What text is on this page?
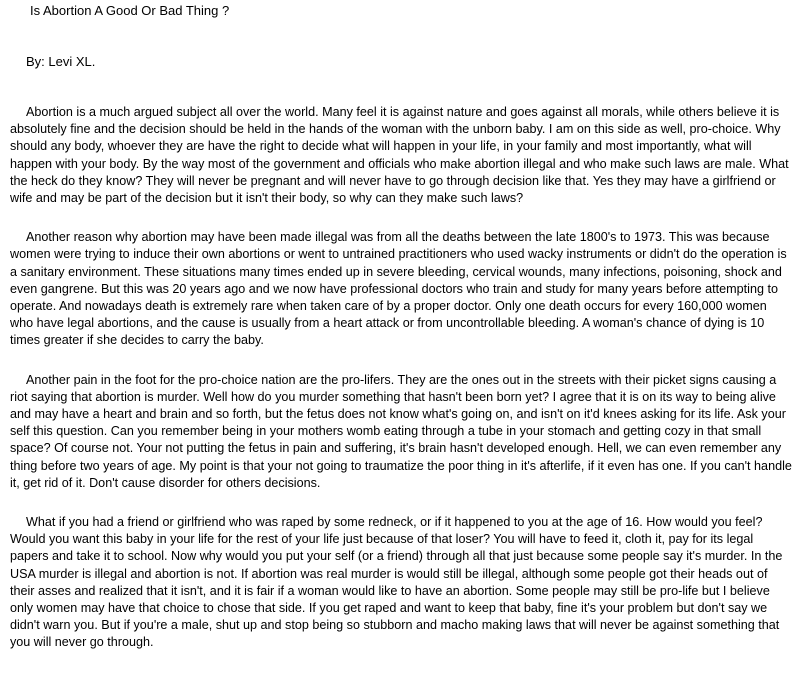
Is Abortion A Good Or Bad Thing ?
By: Levi XL.

Abortion is a much argued subject all over the world. Many feel it is against nature and goes against all morals, while others believe it is absolutely fine and the decision should be held in the hands of the woman with the unborn baby. I am on this side as well, pro-choice. Why should any body, whoever they are have the right to decide what will happen in your life, in your family and most importantly, what will happen with your body. By the way most of the government and officials who make abortion illegal and who make such laws are male. What the heck do they know? They will never be pregnant and will never have to go through decision like that. Yes they may have a girlfriend or wife and may be part of the decision but it isn't their body, so why can they make such laws?

Another reason why abortion may have been made illegal was from all the deaths between the late 1800's to 1973. This was because women were trying to induce their own abortions or went to untrained practitioners who used wacky instruments or didn't do the operation is a sanitary environment. These situations many times ended up in severe bleeding, cervical wounds, many infections, poisoning, shock and even gangrene. But this was 20 years ago and we now have professional doctors who train and study for many years before attempting to operate. And nowadays death is extremely rare when taken care of by a proper doctor. Only one death occurs for every 160,000 women who have legal abortions, and the cause is usually from a heart attack or from uncontrollable bleeding. A woman's chance of dying is 10 times greater if she decides to carry the baby.

Another pain in the foot for the pro-choice nation are the pro-lifers. They are the ones out in the streets with their picket signs causing a riot saying that abortion is murder. Well how do you murder something that hasn't been born yet? I agree that it is on its way to being alive and may have a heart and brain and so forth, but the fetus does not know what's going on, and isn't on it'd knees asking for its life. Ask your self this question. Can you remember being in your mothers womb eating through a tube in your stomach and getting cozy in that small space? Of course not. Your not putting the fetus in pain and suffering, it's brain hasn't developed enough. Hell, we can even remember any thing before two years of age. My point is that your not going to traumatize the poor thing in it's afterlife, if it even has one. If you can't handle it, get rid of it. Don't cause disorder for others decisions.

What if you had a friend or girlfriend who was raped by some redneck, or if it happened to you at the age of 16. How would you feel? Would you want this baby in your life for the rest of your life just because of that loser? You will have to feed it, cloth it, pay for its legal papers and take it to school. Now why would you put your self (or a friend) through all that just because some people say it's murder. In the USA murder is illegal and abortion is not. If abortion was real murder is would still be illegal, although some people got their heads out of their asses and realized that it isn't, and it is fair if a woman would like to have an abortion. Some people may still be pro-life but I believe only women may have that choice to chose that side. If you get raped and want to keep that baby, fine it's your problem but don't say we didn't warn you. But if you're a male, shut up and stop being so stubborn and macho making laws that will never be against something that you will never go through.
